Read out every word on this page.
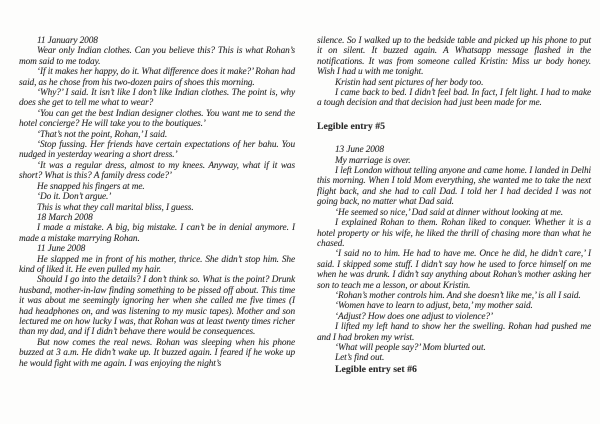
11 January 2008

Wear only Indian clothes. Can you believe this? This is what Rohan’s mom said to me today.

‘If it makes her happy, do it. What difference does it make?’ Rohan had said, as he chose from his two-dozen pairs of shoes this morning.

‘Why?’ I said. It isn’t like I don’t like Indian clothes. The point is, why does she get to tell me what to wear?

‘You can get the best Indian designer clothes. You want me to send the hotel concierge? He will take you to the boutiques.’

‘That’s not the point, Rohan,’ I said.

‘Stop fussing. Her friends have certain expectations of her bahu. You nudged in yesterday wearing a short dress.’

‘It was a regular dress, almost to my knees. Anyway, what if it was short? What is this? A family dress code?’

He snapped his fingers at me.

‘Do it. Don’t argue.’

This is what they call marital bliss, I guess.

18 March 2008

I made a mistake. A big, big mistake. I can’t be in denial anymore. I made a mistake marrying Rohan.

11 June 2008

He slapped me in front of his mother, thrice. She didn’t stop him. She kind of liked it. He even pulled my hair.

Should I go into the details? I don’t think so. What is the point? Drunk husband, mother-in-law finding something to be pissed off about. This time it was about me seemingly ignoring her when she called me five times (I had headphones on, and was listening to my music tapes). Mother and son lectured me on how lucky I was, that Rohan was at least twenty times richer than my dad, and if I didn’t behave there would be consequences.

But now comes the real news. Rohan was sleeping when his phone buzzed at 3 a.m. He didn’t wake up. It buzzed again. I feared if he woke up he would fight with me again. I was enjoying the night’s

silence. So I walked up to the bedside table and picked up his phone to put it on silent. It buzzed again. A Whatsapp message flashed in the notifications. It was from someone called Kristin: Miss ur body honey. Wish I had u with me tonight.

Kristin had sent pictures of her body too.

I came back to bed. I didn’t feel bad. In fact, I felt light. I had to make a tough decision and that decision had just been made for me.

Legible entry #5

13 June 2008

My marriage is over.

I left London without telling anyone and came home. I landed in Delhi this morning. When I told Mom everything, she wanted me to take the next flight back, and she had to call Dad. I told her I had decided I was not going back, no matter what Dad said.

‘He seemed so nice,’ Dad said at dinner without looking at me.

I explained Rohan to them. Rohan liked to conquer. Whether it is a hotel property or his wife, he liked the thrill of chasing more than what he chased.

‘I said no to him. He had to have me. Once he did, he didn’t care,’ I said. I skipped some stuff. I didn’t say how he used to force himself on me when he was drunk. I didn’t say anything about Rohan’s mother asking her son to teach me a lesson, or about Kristin.

‘Rohan’s mother controls him. And she doesn’t like me,’ is all I said.

‘Women have to learn to adjust, beta,’ my mother said.

‘Adjust? How does one adjust to violence?’

I lifted my left hand to show her the swelling. Rohan had pushed me and I had broken my wrist.

‘What will people say?’ Mom blurted out.

Let’s find out.

Legible entry set #6
